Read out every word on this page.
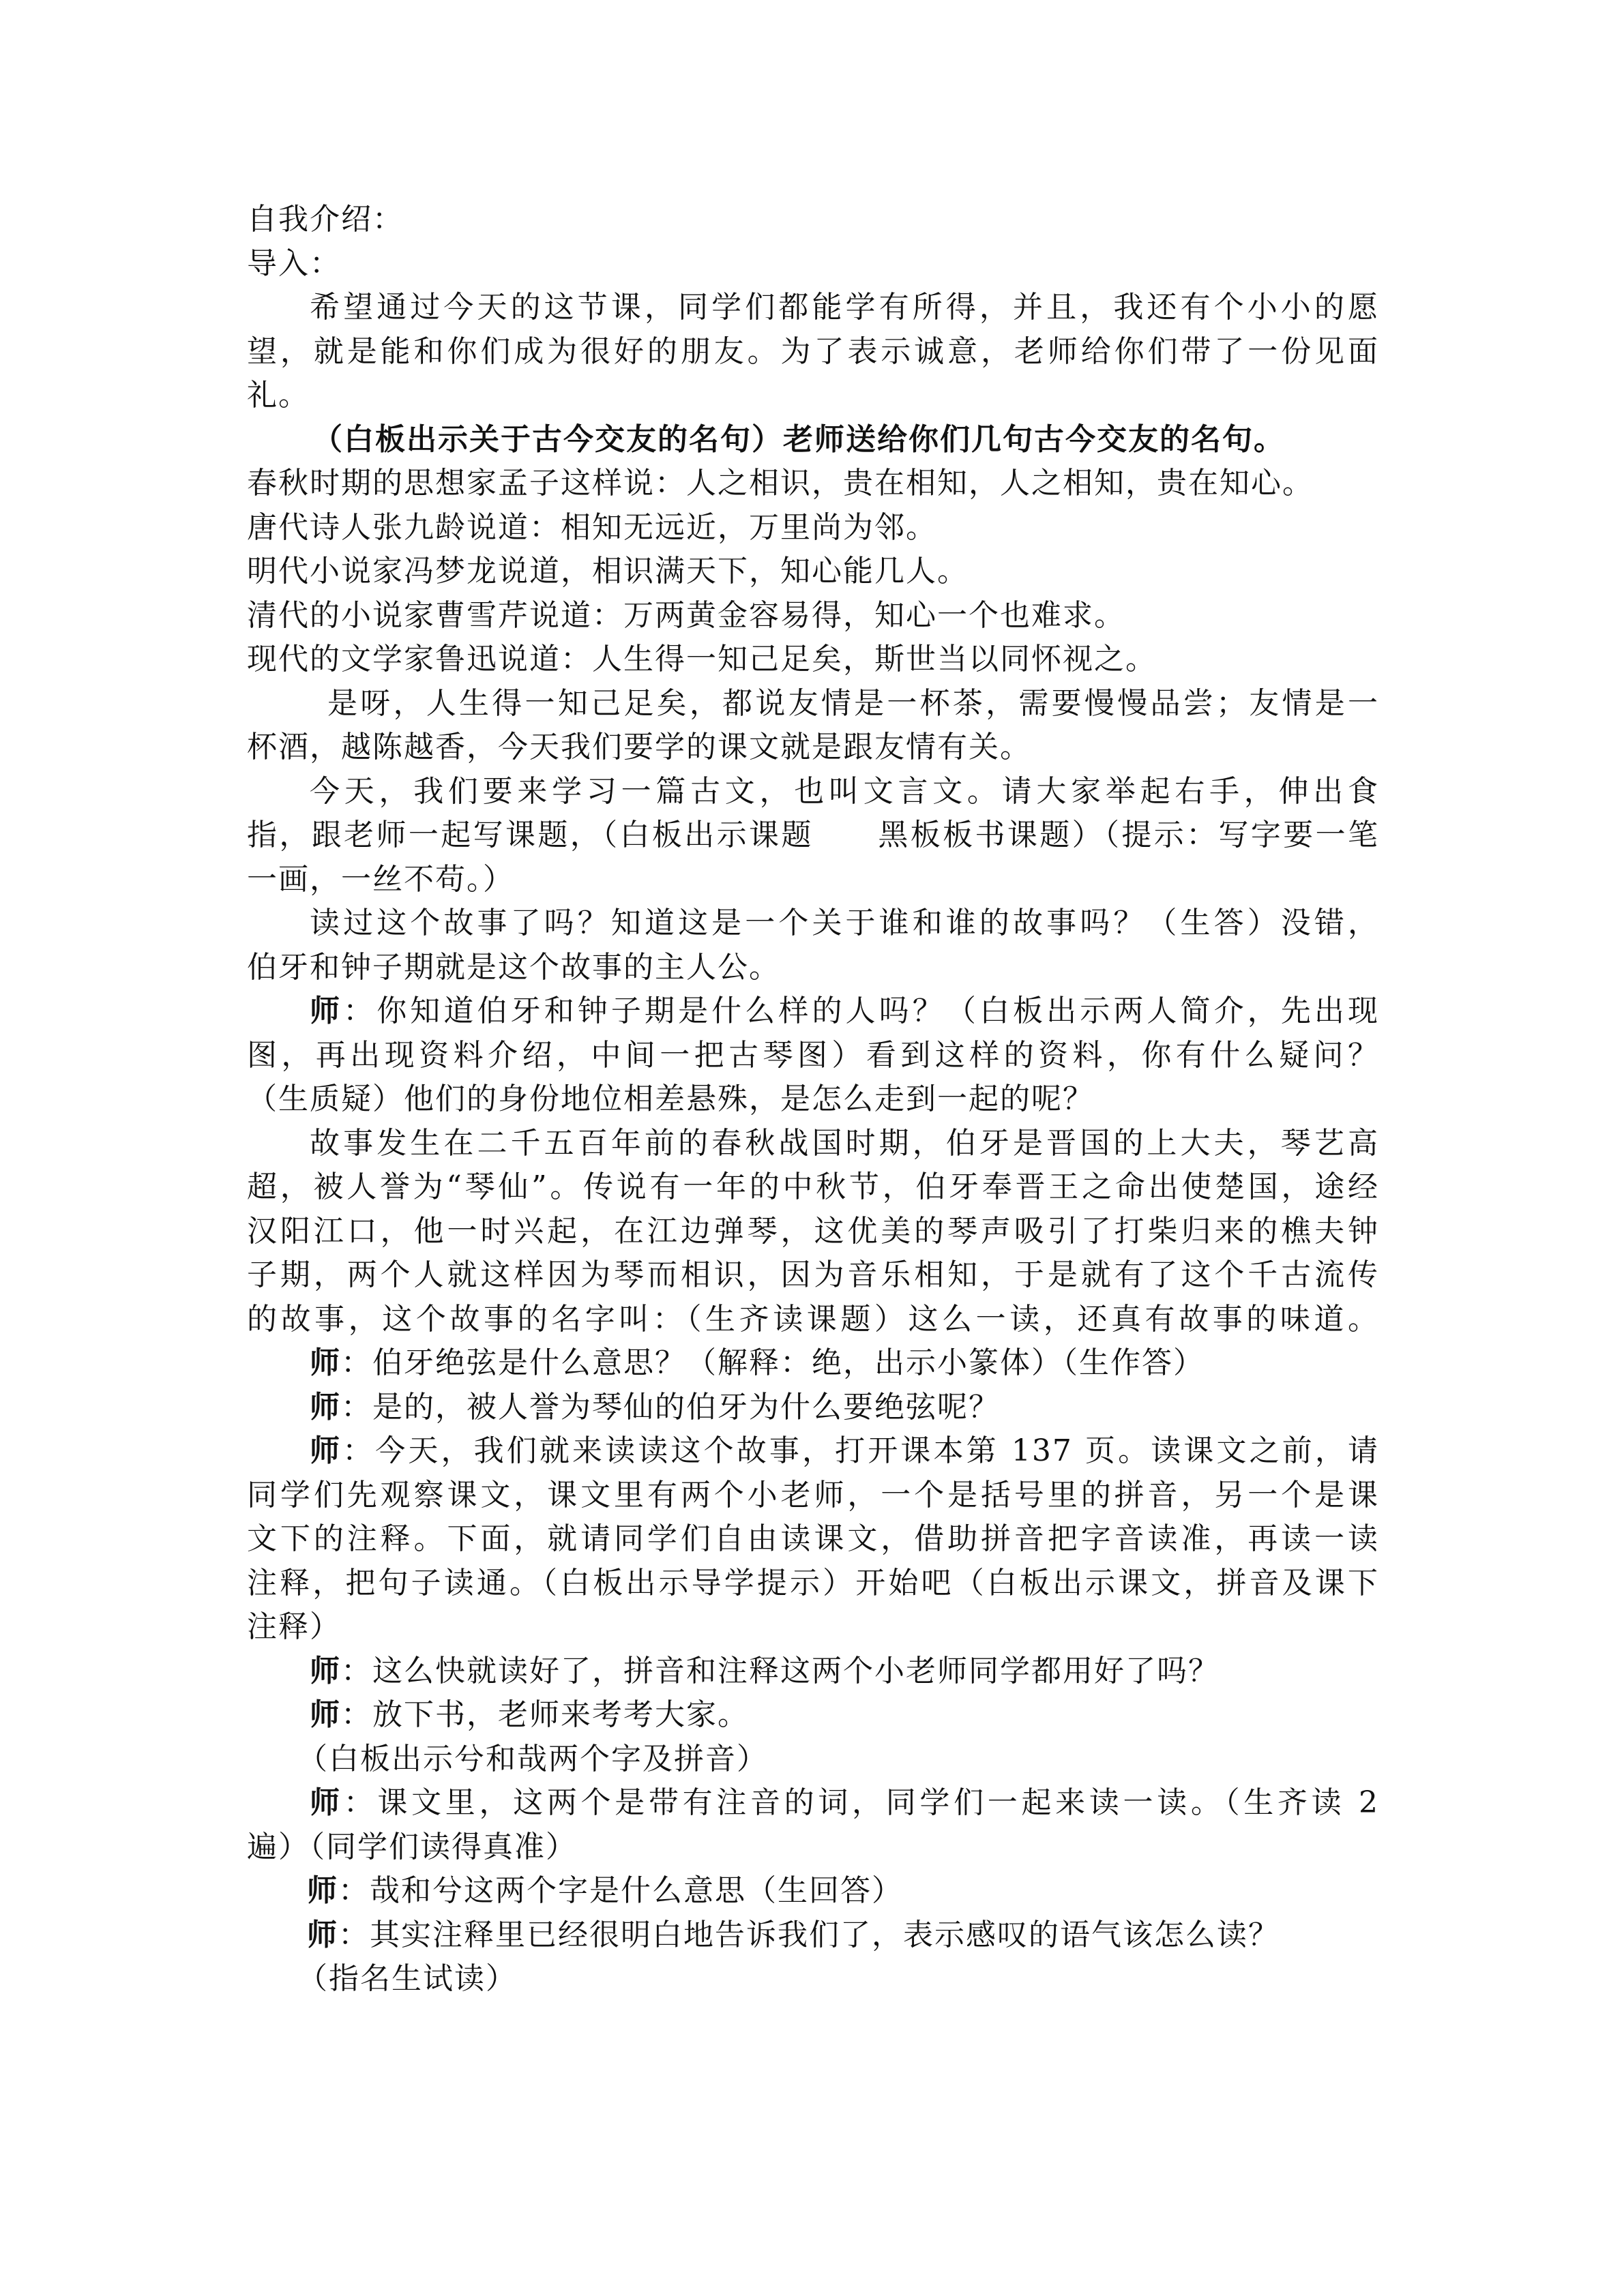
自我介绍：
导入：
希望通过今天的这节课，同学们都能学有所得，并且，我还有个小小的愿
望，就是能和你们成为很好的朋友。为了表示诚意，老师给你们带了一份见面
礼。
（白板出示关于古今交友的名句）老师送给你们几句古今交友的名句。
春秋时期的思想家孟子这样说：人之相识，贵在相知，人之相知，贵在知心。
唐代诗人张九龄说道：相知无远近，万里尚为邻。
明代小说家冯梦龙说道，相识满天下，知心能几人。
清代的小说家曹雪芹说道：万两黄金容易得，知心一个也难求。
现代的文学家鲁迅说道：人生得一知己足矣，斯世当以同怀视之。
是呀，人生得一知己足矣，都说友情是一杯茶，需要慢慢品尝；友情是一
杯酒，越陈越香，今天我们要学的课文就是跟友情有关。
今天，我们要来学习一篇古文，也叫文言文。请大家举起右手，伸出食
指，跟老师一起写课题，（白板出示课题　　黑板板书课题）（提示：写字要一笔
一画，一丝不苟。）
读过这个故事了吗？知道这是一个关于谁和谁的故事吗？（生答）没错，
伯牙和钟子期就是这个故事的主人公。
师：你知道伯牙和钟子期是什么样的人吗？（白板出示两人简介，先出现
图，再出现资料介绍，中间一把古琴图）看到这样的资料，你有什么疑问？
（生质疑）他们的身份地位相差悬殊，是怎么走到一起的呢？
故事发生在二千五百年前的春秋战国时期，伯牙是晋国的上大夫，琴艺高
超，被人誉为“琴仙”。传说有一年的中秋节，伯牙奉晋王之命出使楚国，途经
汉阳江口，他一时兴起，在江边弹琴，这优美的琴声吸引了打柴归来的樵夫钟
子期，两个人就这样因为琴而相识，因为音乐相知，于是就有了这个千古流传
的故事，这个故事的名字叫：（生齐读课题）这么一读，还真有故事的味道。
师：伯牙绝弦是什么意思？（解释：绝，出示小篆体）（生作答）
师：是的，被人誉为琴仙的伯牙为什么要绝弦呢？
师：今天，我们就来读读这个故事，打开课本第 137 页。读课文之前，请
同学们先观察课文，课文里有两个小老师，一个是括号里的拼音，另一个是课
文下的注释。下面，就请同学们自由读课文，借助拼音把字音读准，再读一读
注释，把句子读通。（白板出示导学提示）开始吧（白板出示课文，拼音及课下
注释）
师：这么快就读好了，拼音和注释这两个小老师同学都用好了吗？
师：放下书，老师来考考大家。
（白板出示兮和哉两个字及拼音）
师：课文里，这两个是带有注音的词，同学们一起来读一读。（生齐读 2
遍）（同学们读得真准）
师：哉和兮这两个字是什么意思（生回答）
师：其实注释里已经很明白地告诉我们了，表示感叹的语气该怎么读？
（指名生试读）
